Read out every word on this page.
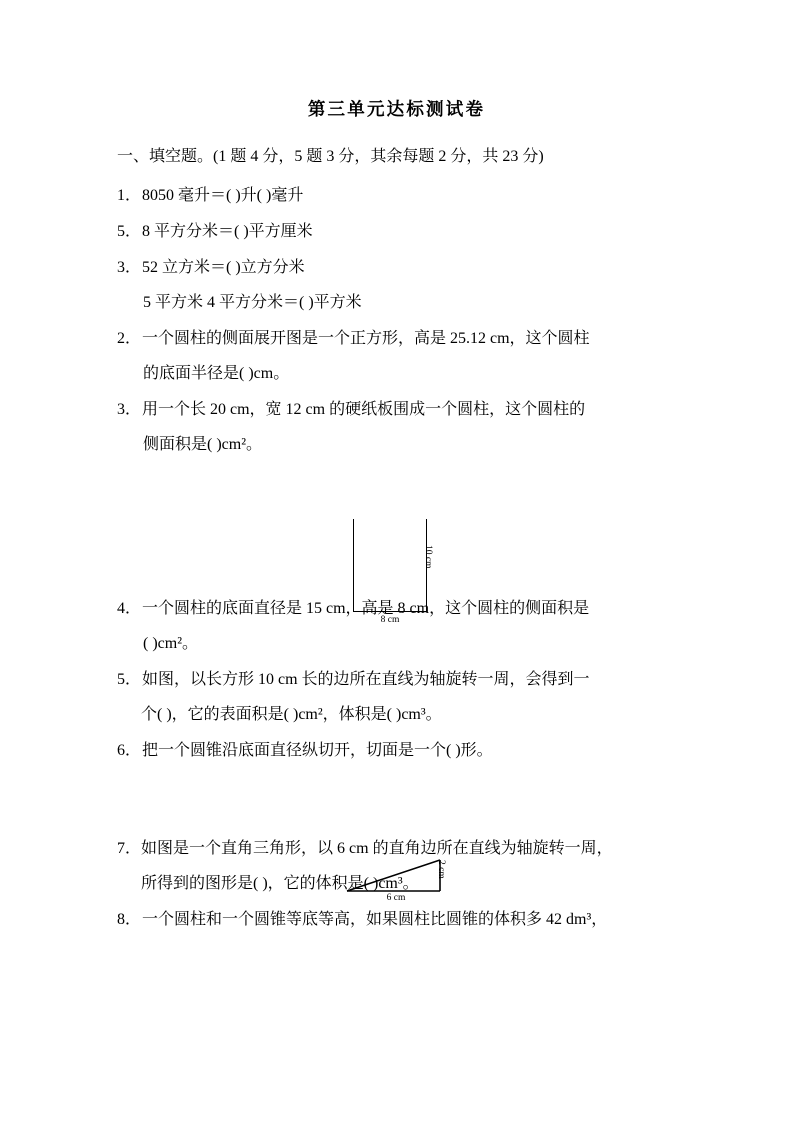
第三单元达标测试卷
一、填空题。(1 题 4 分，5 题 3 分，其余每题 2 分，共 23 分)
1．8050 毫升＝( )升( )毫升
5．8 平方分米＝( )平方厘米
3．52 立方米＝( )立方分米
5 平方米 4 平方分米＝( )平方米
2．一个圆柱的侧面展开图是一个正方形，高是 25.12 cm，这个圆柱
的底面半径是( )cm。
3．用一个长 20 cm，宽 12 cm 的硬纸板围成一个圆柱，这个圆柱的
侧面积是( )cm²。
4．一个圆柱的底面直径是 15 cm，高是 8 cm，这个圆柱的侧面积是
( )cm²。
5．如图，以长方形 10 cm 长的边所在直线为轴旋转一周，会得到一
个( )，它的表面积是( )cm²，体积是( )cm³。
6．把一个圆锥沿底面直径纵切开，切面是一个( )形。
7．如图是一个直角三角形，以 6 cm 的直角边所在直线为轴旋转一周，
所得到的图形是( )，它的体积是( )cm³。
8．一个圆柱和一个圆锥等底等高，如果圆柱比圆锥的体积多 42 dm³，
10 cm
8 cm
2 cm
6 cm
